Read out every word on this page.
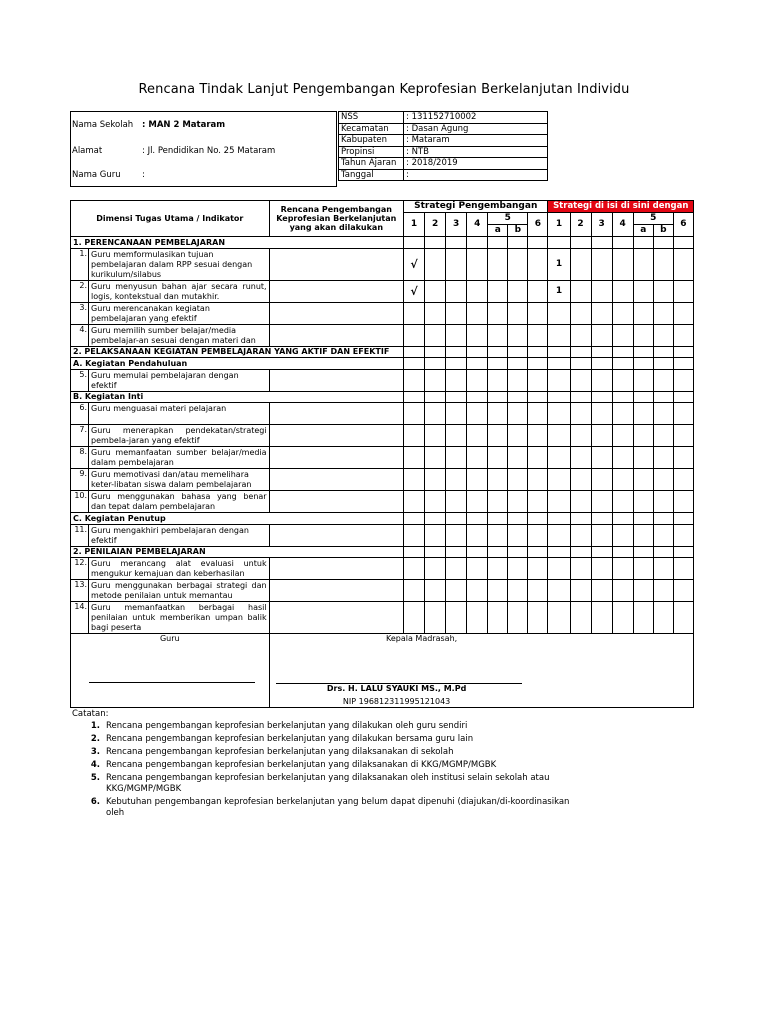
Rencana Tindak Lanjut Pengembangan Keprofesian Berkelanjutan Individu
Nama Sekolah	: MAN 2 Mataram
Alamat	: Jl. Pendidikan No. 25 Mataram
Nama Guru	:
NSS	: 131152710002
Kecamatan	: Dasan Agung
Kabupaten	: Mataram
Propinsi	: NTB
Tahun Ajaran	: 2018/2019
Tanggal	:
Dimensi Tugas Utama / Indikator		Rencana Pengembangan Keprofesian Berkelanjutan yang akan dilakukan	Strategi Pengembangan							Strategi di isi di sini dengan						
			1	2	3	4	5		6	1	2	3	4	5		6
							a	b						a	b	
1. PERENCANAAN PEMBELAJARAN																
1.	Guru memformulasikan tujuan pembelajaran dalam RPP sesuai dengan kurikulum/silabus		√							1						
2.	Guru menyusun bahan ajar secara runut, logis, kontekstual dan mutakhir.		√							1						
3.	Guru merencanakan kegiatan pembelajaran yang efektif															
4.	Guru memilih sumber belajar/media pembelajar-an sesuai dengan materi dan															
2. PELAKSANAAN KEGIATAN PEMBELAJARAN YANG AKTIF DAN EFEKTIF																
A. Kegiatan Pendahuluan																
5.	Guru memulai pembelajaran dengan efektif															
B. Kegiatan Inti																
6.	Guru menguasai materi pelajaran															
7.	Guru menerapkan pendekatan/strategi pembela-jaran yang efektif															
8.	Guru memanfaatan sumber belajar/media dalam pembelajaran															
9.	Guru memotivasi dan/atau memelihara keter-libatan siswa dalam pembelajaran															
10.	Guru menggunakan bahasa yang benar dan tepat dalam pembelajaran															
C. Kegiatan Penutup																
11.	Guru mengakhiri pembelajaran dengan efektif															
2. PENILAIAN PEMBELAJARAN																
12.	Guru merancang alat evaluasi untuk mengukur kemajuan dan keberhasilan															
13.	Guru menggunakan berbagai strategi dan metode penilaian untuk memantau															
14.	Guru memanfaatkan berbagai hasil penilaian untuk memberikan umpan balik bagi peserta															
Guru		Kepala Madrasah,
Drs. H. LALU SYAUKI MS., M.Pd
NIP 196812311995121043														

Catatan:
1. Rencana pengembangan keprofesian berkelanjutan yang dilakukan oleh guru sendiri
2. Rencana pengembangan keprofesian berkelanjutan yang dilakukan bersama guru lain
3. Rencana pengembangan keprofesian berkelanjutan yang dilaksanakan di sekolah
4. Rencana pengembangan keprofesian berkelanjutan yang dilaksanakan di KKG/MGMP/MGBK
5. Rencana pengembangan keprofesian berkelanjutan yang dilaksanakan oleh institusi selain sekolah atau KKG/MGMP/MGBK
6. Kebutuhan pengembangan keprofesian berkelanjutan yang belum dapat dipenuhi (diajukan/di-koordinasikan oleh
